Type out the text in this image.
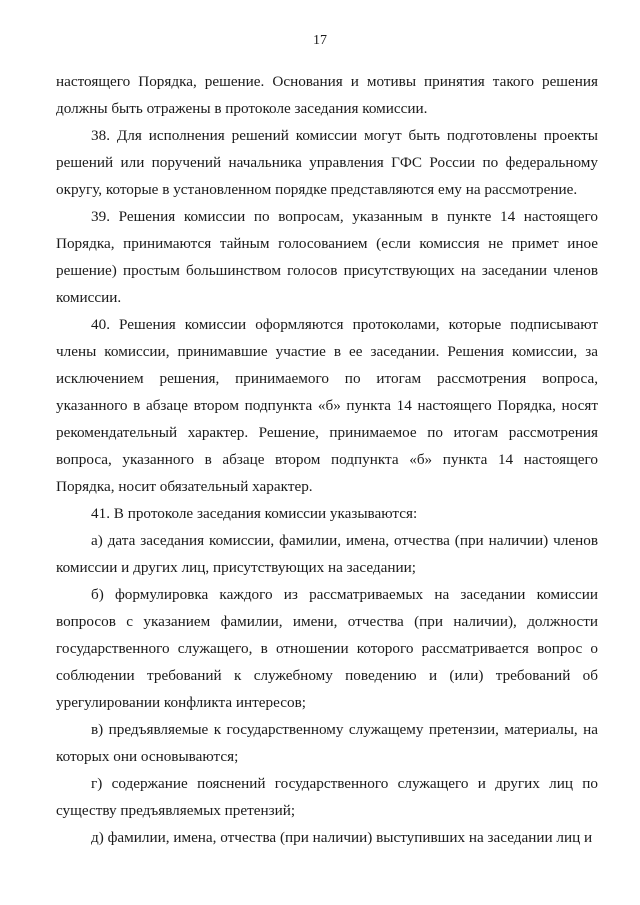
17

настоящего Порядка, решение. Основания и мотивы принятия такого решения должны быть отражены в протоколе заседания комиссии.

38. Для исполнения решений комиссии могут быть подготовлены проекты решений или поручений начальника управления ГФС России по федеральному округу, которые в установленном порядке представляются ему на рассмотрение.

39. Решения комиссии по вопросам, указанным в пункте 14 настоящего Порядка, принимаются тайным голосованием (если комиссия не примет иное решение) простым большинством голосов присутствующих на заседании членов комиссии.

40. Решения комиссии оформляются протоколами, которые подписывают члены комиссии, принимавшие участие в ее заседании. Решения комиссии, за исключением решения, принимаемого по итогам рассмотрения вопроса, указанного в абзаце втором подпункта «б» пункта 14 настоящего Порядка, носят рекомендательный характер. Решение, принимаемое по итогам рассмотрения вопроса, указанного в абзаце втором подпункта «б» пункта 14 настоящего Порядка, носит обязательный характер.

41. В протоколе заседания комиссии указываются:

а) дата заседания комиссии, фамилии, имена, отчества (при наличии) членов комиссии и других лиц, присутствующих на заседании;

б) формулировка каждого из рассматриваемых на заседании комиссии вопросов с указанием фамилии, имени, отчества (при наличии), должности государственного служащего, в отношении которого рассматривается вопрос о соблюдении требований к служебному поведению и (или) требований об урегулировании конфликта интересов;

в) предъявляемые к государственному служащему претензии, материалы, на которых они основываются;

г) содержание пояснений государственного служащего и других лиц по существу предъявляемых претензий;

д) фамилии, имена, отчества (при наличии) выступивших на заседании лиц и
